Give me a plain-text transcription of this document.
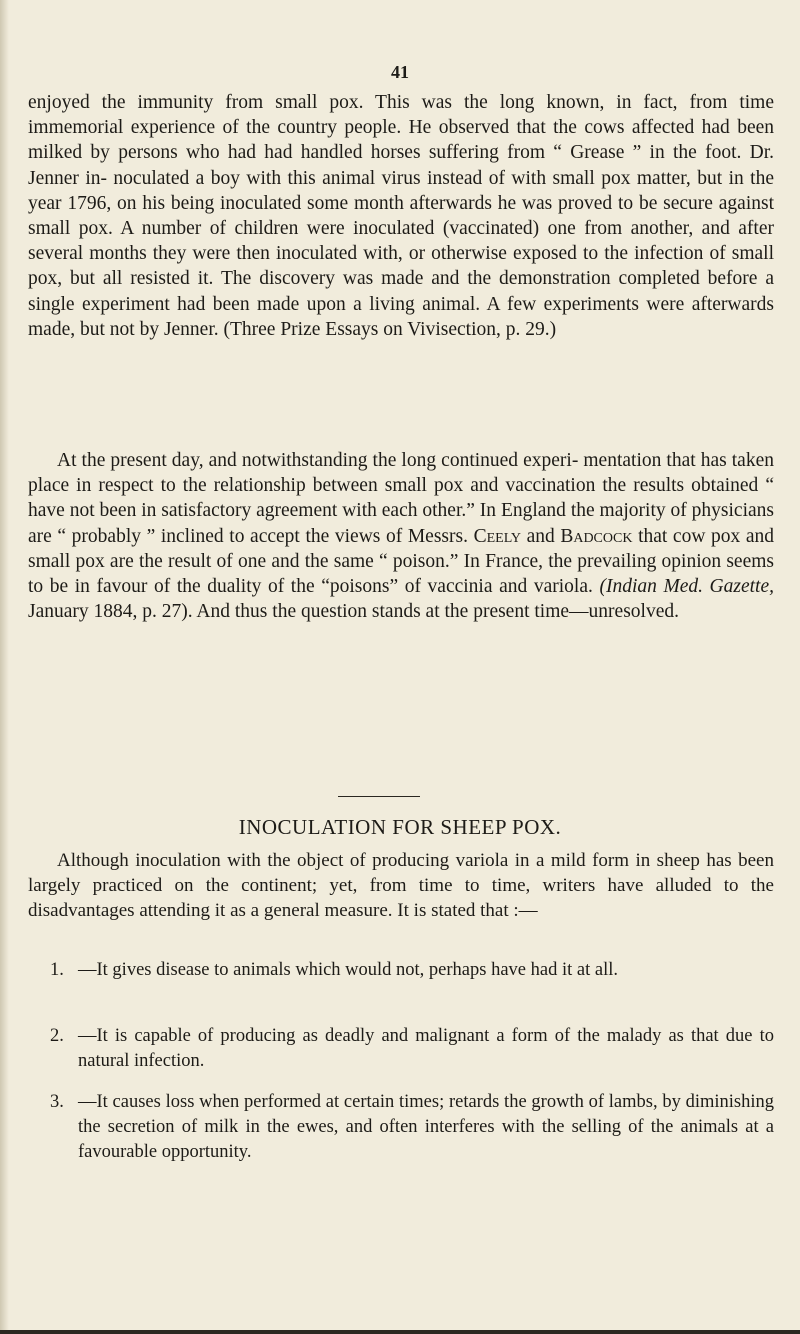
41

enjoyed the immunity from small pox. This was the long known, in fact, from time immemorial experience of the country people. He observed that the cows affected had been milked by persons who had had handled horses suffering from “ Grease ” in the foot. Dr. Jenner in- noculated a boy with this animal virus instead of with small pox matter, but in the year 1796, on his being inoculated some month afterwards he was proved to be secure against small pox. A number of children were inoculated (vaccinated) one from another, and after several months they were then inoculated with, or otherwise exposed to the infection of small pox, but all resisted it. The discovery was made and the demonstration completed before a single experiment had been made upon a living animal. A few experiments were afterwards made, but not by Jenner. (Three Prize Essays on Vivisection, p. 29.)

At the present day, and notwithstanding the long continued experi- mentation that has taken place in respect to the relationship between small pox and vaccination the results obtained “ have not been in satisfactory agreement with each other.” In England the majority of physicians are “ probably ” inclined to accept the views of Messrs. Ceely and Badcock that cow pox and small pox are the result of one and the same “ poison.” In France, the prevailing opinion seems to be in favour of the duality of the “poisons” of vaccinia and variola. (Indian Med. Gazette, January 1884, p. 27). And thus the question stands at the present time—unresolved.

INOCULATION FOR SHEEP POX.

Although inoculation with the object of producing variola in a mild form in sheep has been largely practiced on the continent; yet, from time to time, writers have alluded to the disadvantages attending it as a general measure. It is stated that :—

1. —It gives disease to animals which would not, perhaps have had it at all.
2. —It is capable of producing as deadly and malignant a form of the malady as that due to natural infection.
3. —It causes loss when performed at certain times; retards the growth of lambs, by diminishing the secretion of milk in the ewes, and often interferes with the selling of the animals at a favourable opportunity.
